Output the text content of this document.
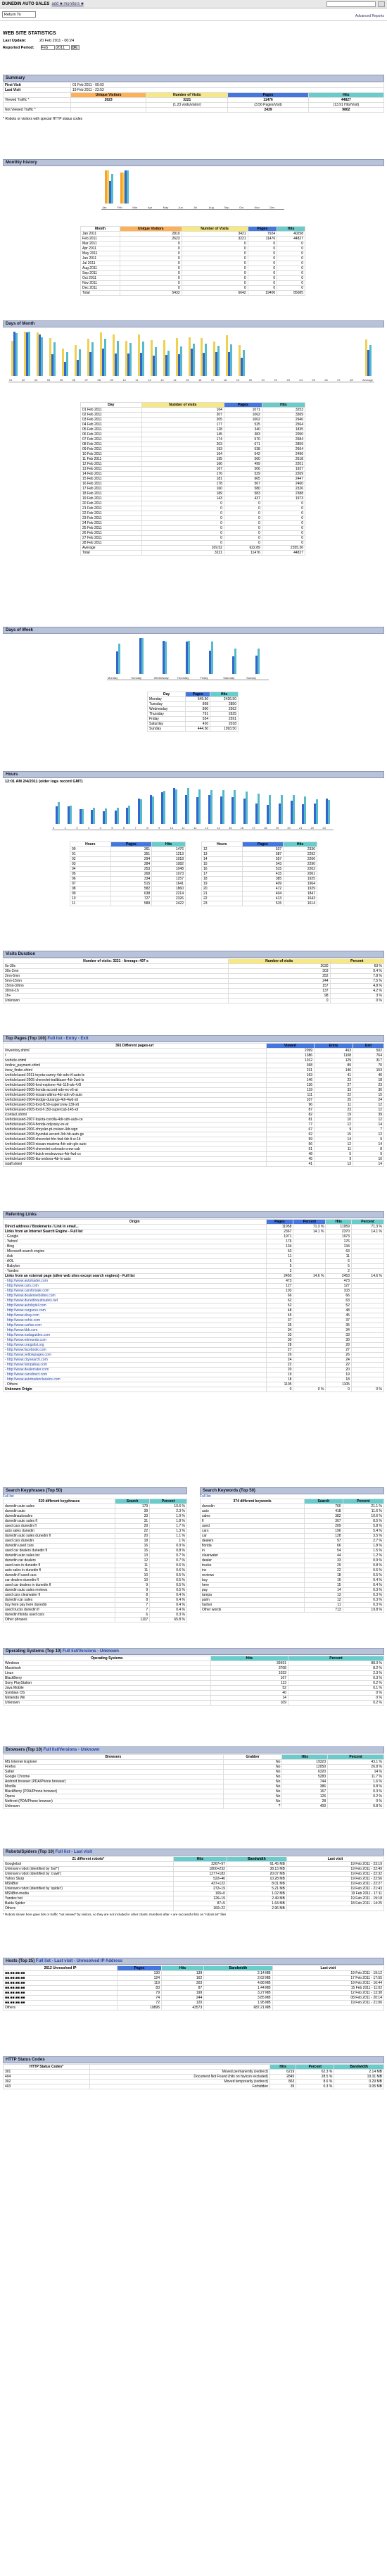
DUNEDIN AUTO SALES add ■ monitors ■
Return To	Advanced Reports
WEB SITE STATISTICS
Last Update:	20 Feb 2011 - 00:24
Reported Period: Feb 2011 OK
Summary
First Visit	01 Feb 2011 - 00:03			
Last Visit	19 Feb 2011 - 23:53			
	Unique Visitors	Number of Visits	Pages	Hits
Viewed Traffic *	2623	3221	11476	44827
		(1.23 visits/visitor)	(3.56 Pages/Visit)	(13.91 Hits/Visit)
Not Viewed Traffic *			2439	9802
* Robots or visitors with special HTTP status codes
Monthly history
Jan	Feb	Mar	Apr	May	Jun	Jul	Aug	Sep	Oct	Nov	Dec
Month	Unique Visitors	Number of Visits	Pages	Hits
Jan 2011	2810	3421	7924	40258
Feb 2011	2623	3221	11476	44827
Mar 2011	0	0	0	0
Apr 2011	0	0	0	0
May 2011	0	0	0	0
Jun 2011	0	0	0	0
Jul 2011	0	0	0	0
Aug 2011	0	0	0	0
Sep 2011	0	0	0	0
Oct 2011	0	0	0	0
Nov 2011	0	0	0	0
Dec 2011	0	0	0	0
Total	5433	6642	19400	85085
Days of Month
01	02	03	04	05	06	07	08	09	10	11	12	13	14	15	16	17	18	19	20	21	22	23	24	25	26	27	28	Average
Day	Number of visits	Pages	Hits
01 Feb 2011	164	1071	3253
02 Feb 2011	207	1062	3369
03 Feb 2011	205	1002	2946
04 Feb 2011	177	525	2564
05 Feb 2011	128	340	1835
06 Feb 2011	145	383	2050
07 Feb 2011	174	570	2584
08 Feb 2011	203	671	2859
09 Feb 2011	193	538	2664
10 Feb 2011	164	542	2496
11 Feb 2011	195	560	2618
12 Feb 2011	166	499	2201
13 Feb 2011	167	506	1937
14 Feb 2011	176	529	2269
15 Feb 2011	181	665	2447
16 Feb 2011	178	567	2460
17 Feb 2011	160	580	2326
18 Feb 2011	189	583	2388
19 Feb 2011	143	437	1973
20 Feb 2011	0	0	0
21 Feb 2011	0	0	0
22 Feb 2011	0	0	0
23 Feb 2011	0	0	0
24 Feb 2011	0	0	0
25 Feb 2011	0	0	0
26 Feb 2011	0	0	0
27 Feb 2011	0	0	0
28 Feb 2011	0	0	0
Average	169.52	622.89	2355.36
Total	3221	11476	44827
Days of Week
Monday	Tuesday	Wednesday	Thursday	Friday	Saturday	Sunday
Day	Pages	Hits
Monday	549.50	2426.50
Tuesday	868	2850
Wednesday	800	2562
Thursday	791	2625
Friday	554	2591
Saturday	420	2018
Sunday	444.50	1993.50
Hours
12:01 AM 2/4/2011 (older logs record GMT)
0	1	2	3	4	5	6	7	8	9	10	11	12	13	14	15	16	17	18	19	20	21	22	23
Hours	Pages	Hits
00	361	1476
01	351	1213
02	294	1018
03	284	1082
04	253	1048
05	268	1073
06	334	1257
07	515	1641
08	582	1860
09	638	2214
10	727	2326
11	589	2422
Hours	Pages	Hits
12	537	2330
13	587	2292
14	557	2266
15	543	2290
16	515	2202
17	415	2061
18	385	1925
19	409	1964
20	472	1929
21	404	1847
22	413	1643
23	515	1614
Visits Duration
Number of visits: 3221 - Average: 497 s	Number of visits	Percent
0s-30s	2030	63 %
30s-2mn	303	9.4 %
2mn-5mn	252	7.8 %
5mn-15mn	244	7.5 %
15mn-30mn	157	4.8 %
30mn-1h	137	4.2 %
1h+	98	3 %
Unknown	0	0 %
Top Pages (Top 100) Full list - Entry - Exit
391 Different pages-url	Viewed	Entry	Exit
/inventory.shtml	2099	463	502
/	1386	1108	764
/vehicle.shtml	1012	129	317
/online_payment.shtml	368	89	70
/new_finder.shtml	231	146	153
/vehicle/used-2011-toyota-camry-4dr-sdn-i4-auto-le	163	41	40
/vehicle/used-2005-chevrolet-trailblazer-4dr-2wd-ls	146	23	18
/vehicle/used-2006-ford-explorer-4dr-118-wb-4.0l	136	27	23
/vehicle/used-2005-honda-accord-sdn-ex-v6-at	119	33	30
/vehicle/used-2006-nissan-altima-4dr-sdn-v6-auto	111	22	15
/vehicle/used-2004-dodge-durango-4dr-4wd-slt	107	25	24
/vehicle/used-2003-ford-f150-supercrew-139-xlt	96	11	12
/vehicle/used-2005-ford-f-150-supercab-145-xlt	87	23	12
/contact.shtml	82	19	39
/vehicle/used-2007-toyota-corolla-4dr-sdn-auto-ce	81	10	12
/vehicle/used-2004-honda-odyssey-ex-at	77	12	14
/vehicle/used-2006-chrysler-pt-cruiser-4dr-wgn	67	9	7
/vehicle/used-2008-hyundai-accent-3dr-hb-auto-gs	62	15	12
/vehicle/used-2008-chevrolet-hhr-fwd-4dr-lt-w-1lt	59	14	9
/vehicle/used-2003-nissan-maxima-4dr-sdn-gle-auto	56	12	14
/vehicle/used-2004-chevrolet-colorado-crew-cab	51	11	8
/vehicle/used-2004-buick-rendezvous-4dr-fwd-cx	48	5	9
/vehicle/used-2005-kia-sedona-4dr-lx-auto	45	9	10
/staff.shtml	41	13	14
Referring Links
Origin	Pages	Percent	Hits	Percent
Direct address / Bookmarks / Link in email...	11958	71.3 %	11959	71.3 %
Links from an Internet Search Engine - Full list	2367	14.1 %	2370	14.1 %
- Google	1971		1973	
- Yahoo!	176		176	
- Bing	134		134	
- Microsoft search engine	63		63	
- Ask	11		11	
- AOL	5		6	
- Babylon	5		5	
- Yandex	2		2	
Links from an external page (other web sites except search engines) - Full list	2450	14.6 %	2453	14.6 %
- http://www.autotrader.com	473		473	
- http://www.cars.com	127		127	
- http://www.carsforsale.com	103		103	
- http://www.dealerwebsites.com	66		66	
- http://www.dunedinautosales.net	62		63	
- http://www.autobytel.com	52		52	
- http://www.cargurus.com	48		48	
- http://www.ebay.com	45		45	
- http://www.vehix.com	37		37	
- http://www.carfax.com	35		35	
- http://www.kbb.com	34		34	
- http://www.nadaguides.com	33		33	
- http://www.edmunds.com	30		30	
- http://www.craigslist.org	28		28	
- http://www.facebook.com	27		27	
- http://www.yellowpages.com	26		26	
- http://www.citysearch.com	24		24	
- http://www.tampabay.com	22		22	
- http://www.dealerrater.com	20		20	
- http://www.carsdirect.com	19		19	
- http://www.autotraderclassics.com	18		18	
- Others	1105		1105	
Unknown Origin	0	0 %	0	0 %
Search Keyphrases (Top 50)
Full list
519 different keyphrases	Search	Percent
dunedin auto sales	179	10.6 %
dunedin auto	39	2.3 %
dunedinautosales	33	1.9 %
dunedin auto sales fl	31	1.8 %
used cars dunedin fl	29	1.7 %
auto sales dunedin	22	1.3 %
dunedin auto sales dunedin fl	20	1.1 %
used cars dunedin	18	1 %
dunedin used cars	16	0.9 %
used car dealers dunedin fl	15	0.8 %
dunedin auto sales inc	13	0.7 %
dunedin car dealers	12	0.7 %
used cars in dunedin fl	11	0.6 %
auto sales in dunedin fl	11	0.6 %
dunedin fl used cars	10	0.5 %
car dealers dunedin fl	10	0.5 %
used car dealers in dunedin fl	9	0.5 %
dunedin auto sales reviews	9	0.5 %
used cars clearwater fl	8	0.4 %
dunedin car sales	8	0.4 %
buy here pay here dunedin	7	0.4 %
used trucks dunedin fl	7	0.4 %
dunedin florida used cars	6	0.3 %
Other phrases	1107	65.8 %
Search Keywords (Top 50)
Full list
374 different keywords	Search	Percent
dunedin	760	21.1 %
auto	418	11.6 %
sales	382	10.6 %
fl	307	8.5 %
used	209	5.8 %
cars	196	5.4 %
car	128	3.5 %
dealers	97	2.7 %
florida	66	1.8 %
in	54	1.5 %
clearwater	44	1.2 %
dealer	33	0.9 %
trucks	29	0.8 %
inc	22	0.6 %
reviews	18	0.5 %
buy	16	0.4 %
here	15	0.4 %
pay	14	0.3 %
tampa	13	0.3 %
palm	12	0.3 %
harbor	11	0.3 %
Other words	713	19.8 %
Operating Systems (Top 10) Full list/Versions - Unknown
Operating Systems	Hits	Percent
Windows	39591	88.3 %
Macintosh	3708	8.2 %
Linux	1033	2.3 %
BlackBerry	167	0.3 %
Sony PlayStation	113	0.2 %
Java Mobile	52	0.1 %
Symbian OS	40	0 %
Nintendo Wii	14	0 %
Unknown	109	0.2 %
Browsers (Top 10) Full list/Versions - Unknown
Browsers	Grabber	Hits	Percent
MS Internet Explorer	No	19323	43.1 %
Firefox	No	12050	26.8 %
Safari	No	6320	14 %
Google Chrome	No	5283	11.7 %
Android browser (PDA/Phone browser)	No	744	1.6 %
Mozilla	No	386	0.8 %
BlackBerry (PDA/Phone browser)	No	167	0.3 %
Opera	No	126	0.2 %
Netfront (PDA/Phone browser)	No	28	0 %
Unknown	?	400	0.8 %
Robots/Spiders (Top 10) Full list - Last visit
21 different robots*	Hits	Bandwidth	Last visit
Googlebot	3267+97	61.45 MB	19 Feb 2011 - 23:19
Unknown robot (identified by 'bot*')	1800+232	38.13 MB	19 Feb 2011 - 22:49
Unknown robot (identified by 'crawl')	1277+183	20.07 MB	19 Feb 2011 - 22:32
Yahoo Slurp	522+46	10.28 MB	19 Feb 2011 - 22:56
MSNBot	437+122	8.01 MB	19 Feb 2011 - 22:27
Unknown robot (identified by 'spider')	272+19	5.21 MB	19 Feb 2011 - 21:43
MSNBot-media	165+0	1.02 MB	19 Feb 2011 - 17:11
Yandex bot	126+19	2.49 MB	19 Feb 2011 - 19:18
Baidu Spider	87+5	1.64 MB	18 Feb 2011 - 14:25
Others	160+22	2.96 MB	
* Robots shown here gave hits or traffic "not viewed" by visitors, so they are not included in other charts. Numbers after + are successful hits on "robots.txt" files
Hosts (Top 25) Full list - Last visit - Unresolved IP Address
2612 Unresolved IP	Pages	Hits	Bandwidth	Last visit
■■.■■.■■.■■	130	139	2.14 MB	19 Feb 2011 - 19:12
■■.■■.■■.■■	124	162	2.62 MB	17 Feb 2011 - 17:55
■■.■■.■■.■■	119	303	4.88 MB	19 Feb 2011 - 16:44
■■.■■.■■.■■	83	87	1.44 MB	15 Feb 2011 - 11:02
■■.■■.■■.■■	79	199	3.27 MB	12 Feb 2011 - 13:38
■■.■■.■■.■■	74	244	3.85 MB	08 Feb 2011 - 20:14
■■.■■.■■.■■	72	120	1.95 MB	19 Feb 2011 - 21:06
Others	10895	43573	687.21 MB	
HTTP Status Codes
HTTP Status Codes*		Hits	Percent	Bandwidth
301	Moved permanently (redirect)	6219	62.3 %	2.14 MB
404	Document Not Found (hits on favicon excluded)	2845	28.5 %	19.31 MB
302	Moved temporarily (redirect)	863	8.6 %	0.29 MB
403	Forbidden	39	0.3 %	0.05 MB
